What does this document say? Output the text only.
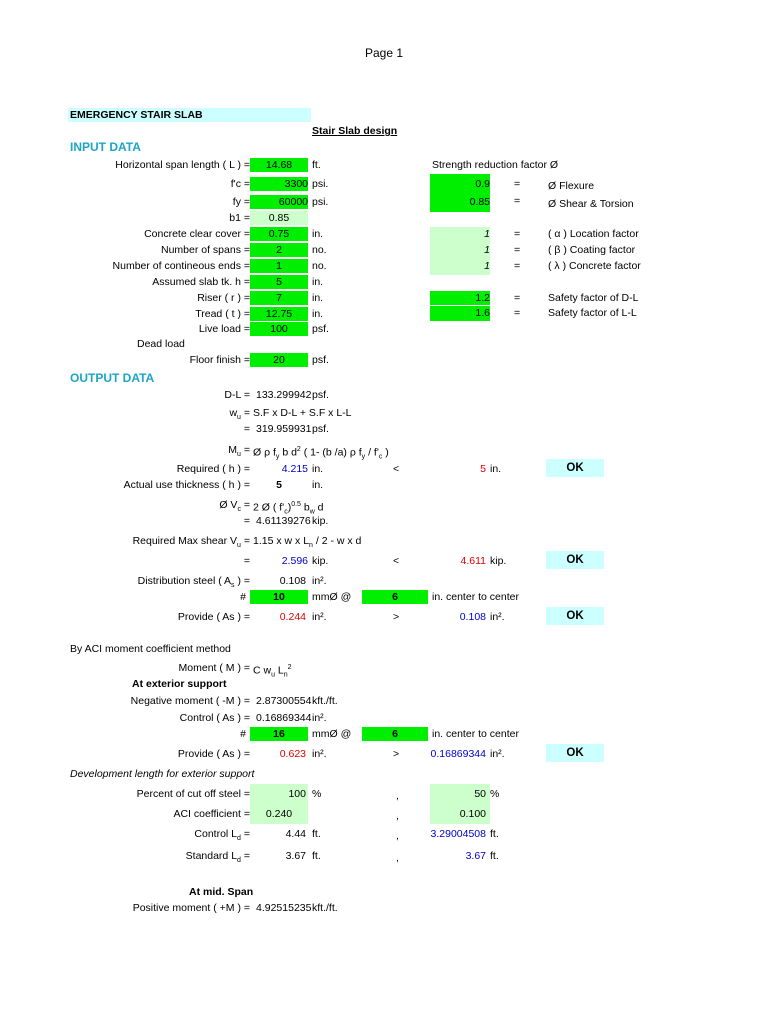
Page 1
EMERGENCY STAIR SLAB
Stair Slab design
INPUT DATA
Horizontal span length ( L ) =	14.68	ft.
f'c =	3300 psi.
fy =	60000 psi.
b1 =	0.85
Concrete clear cover =	0.75	in.
Number of spans =	2	no.
Number of contineous ends =	1	no.
Assumed slab tk. h =	5	in.
Riser ( r ) =	7	in.
Tread ( t ) =	12.75	in.
Live load =	100	psf.
Dead load
Floor finish =	20	psf.
Strength reduction factor Ø
0.9 =	Ø Flexure
0.85 =	Ø Shear & Torsion
1 =	( α ) Location factor
1 =	( β ) Coating factor
1 =	( λ ) Concrete factor
1.2 =	Safety factor of D-L
1.6 =	Safety factor of L-L
OUTPUT DATA
D-L = 133.299942 psf.
$w_u = S.F$ x D-L + S.F x L-L
= 319.959931 psf.
$M_u$ = Ø ρ $f_y$ b $d^2$ ( 1- (b /a) ρ $f_y / f'_c$ )
Required ( h ) =	4.215 in.	<	5 in.	OK
Actual use thickness ( h ) =	5	in.
Ø $V_c = 2$ Ø ( $f'_c)^{0.5}$ $b_w$ d
= 4.61139276 kip.
Required Max shear $V_u = 1.15$ x w x $L_n / 2$ - w x d
=	2.596 kip.	<	4.611 kip.	OK
Distribution steel ( $A_s$ ) =	0.108 in².
#	10	mmØ @	6	in. center to center
Provide ( As ) =	0.244 in².	>	0.108 in².	OK
By ACI moment coefficient method
Moment ( M ) = C $w_u$ $L_n^2$
At exterior support
Negative moment ( -M ) = 2.87300554 kft./ft.
Control ( As ) = 0.16869344 in².
#	16	mmØ @	6	in. center to center
Provide ( As ) =	0.623 in².	>	0.16869344 in².	OK
Development length for exterior support
Percent of cut off steel =	100 %	,	50 %
ACI coefficient =	0.240	,	0.100
Control $L_d$ =	4.44 ft.	,	3.29004508 ft.
Standard $L_d$ =	3.67 ft.	,	3.67 ft.
At mid. Span
Positive moment ( +M ) = 4.92515235 kft./ft.
